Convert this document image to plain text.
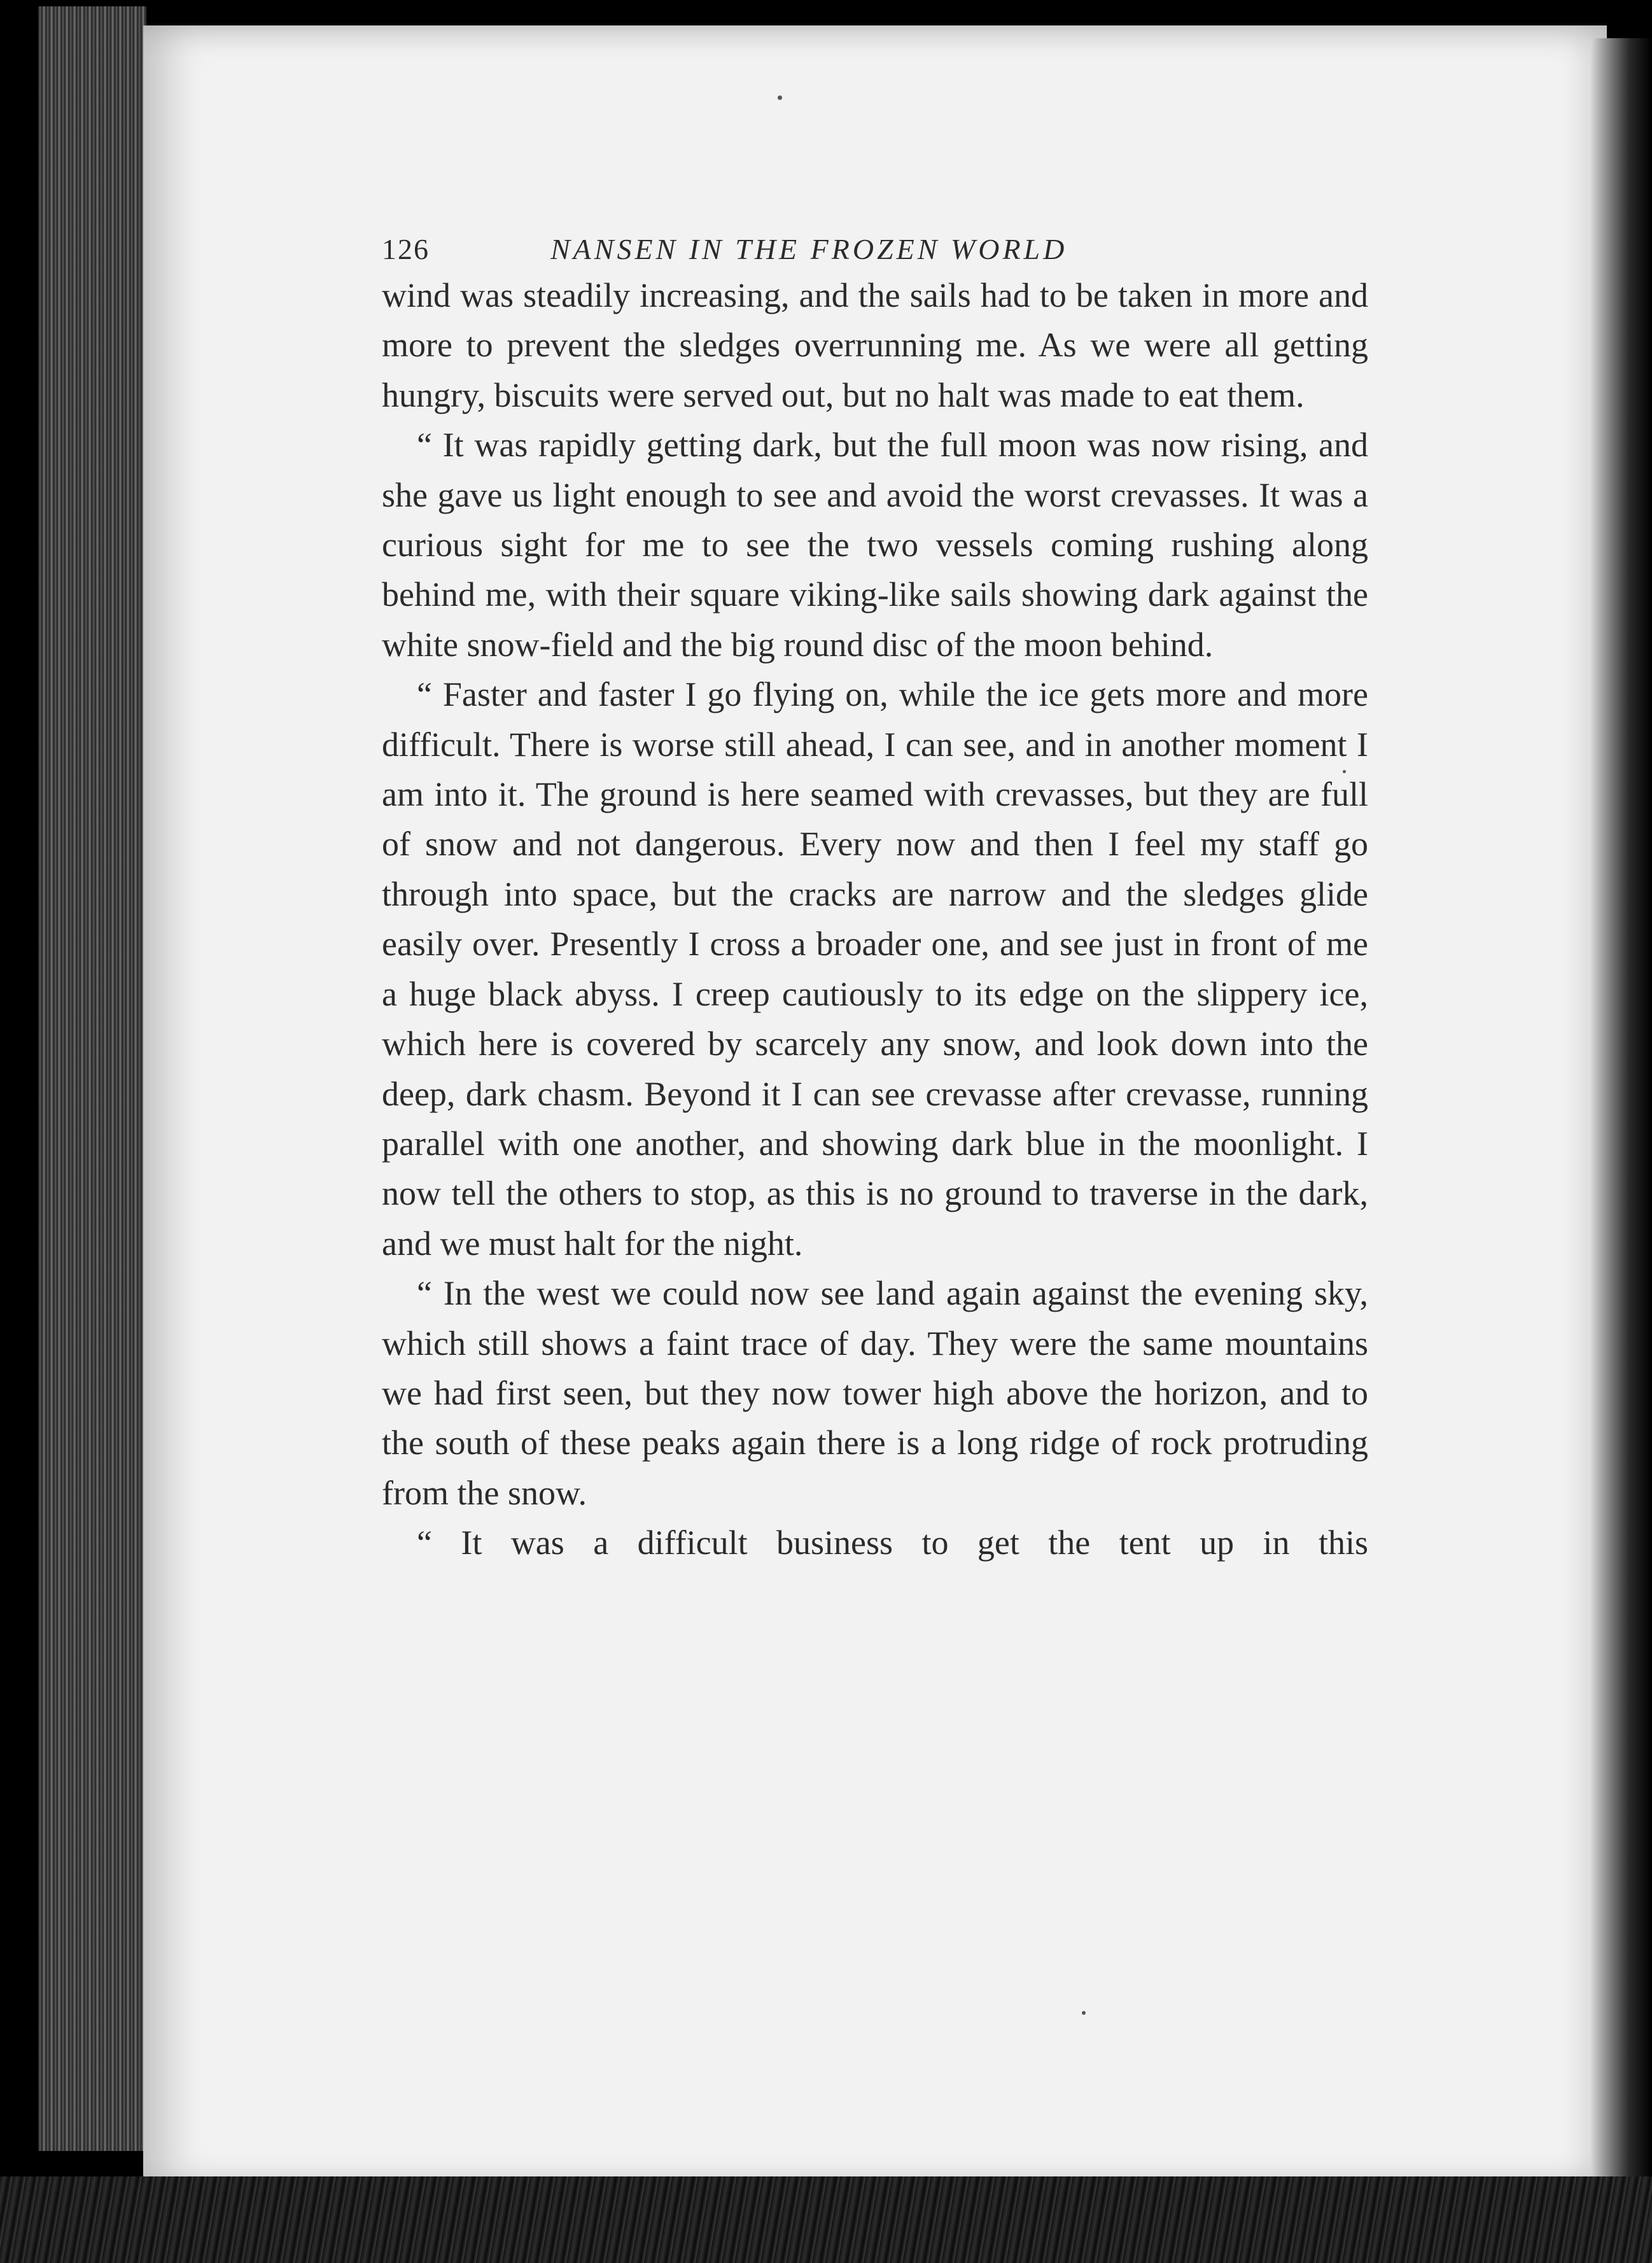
126	NANSEN IN THE FROZEN WORLD

wind was steadily increasing, and the sails had to be taken in more and more to prevent the sledges overrunning me. As we were all getting hungry, biscuits were served out, but no halt was made to eat them.

“ It was rapidly getting dark, but the full moon was now rising, and she gave us light enough to see and avoid the worst crevasses. It was a curious sight for me to see the two vessels coming rushing along behind me, with their square viking-like sails showing dark against the white snow-field and the big round disc of the moon behind.

“ Faster and faster I go flying on, while the ice gets more and more difficult. There is worse still ahead, I can see, and in another moment I am into it. The ground is here seamed with crevasses, but they are full of snow and not dangerous. Every now and then I feel my staff go through into space, but the cracks are narrow and the sledges glide easily over. Presently I cross a broader one, and see just in front of me a huge black abyss. I creep cautiously to its edge on the slippery ice, which here is covered by scarcely any snow, and look down into the deep, dark chasm. Beyond it I can see crevasse after crevasse, running parallel with one another, and showing dark blue in the moonlight. I now tell the others to stop, as this is no ground to traverse in the dark, and we must halt for the night.

“ In the west we could now see land again against the evening sky, which still shows a faint trace of day. They were the same mountains we had first seen, but they now tower high above the horizon, and to the south of these peaks again there is a long ridge of rock protruding from the snow.

“ It was a difficult business to get the tent up in this
